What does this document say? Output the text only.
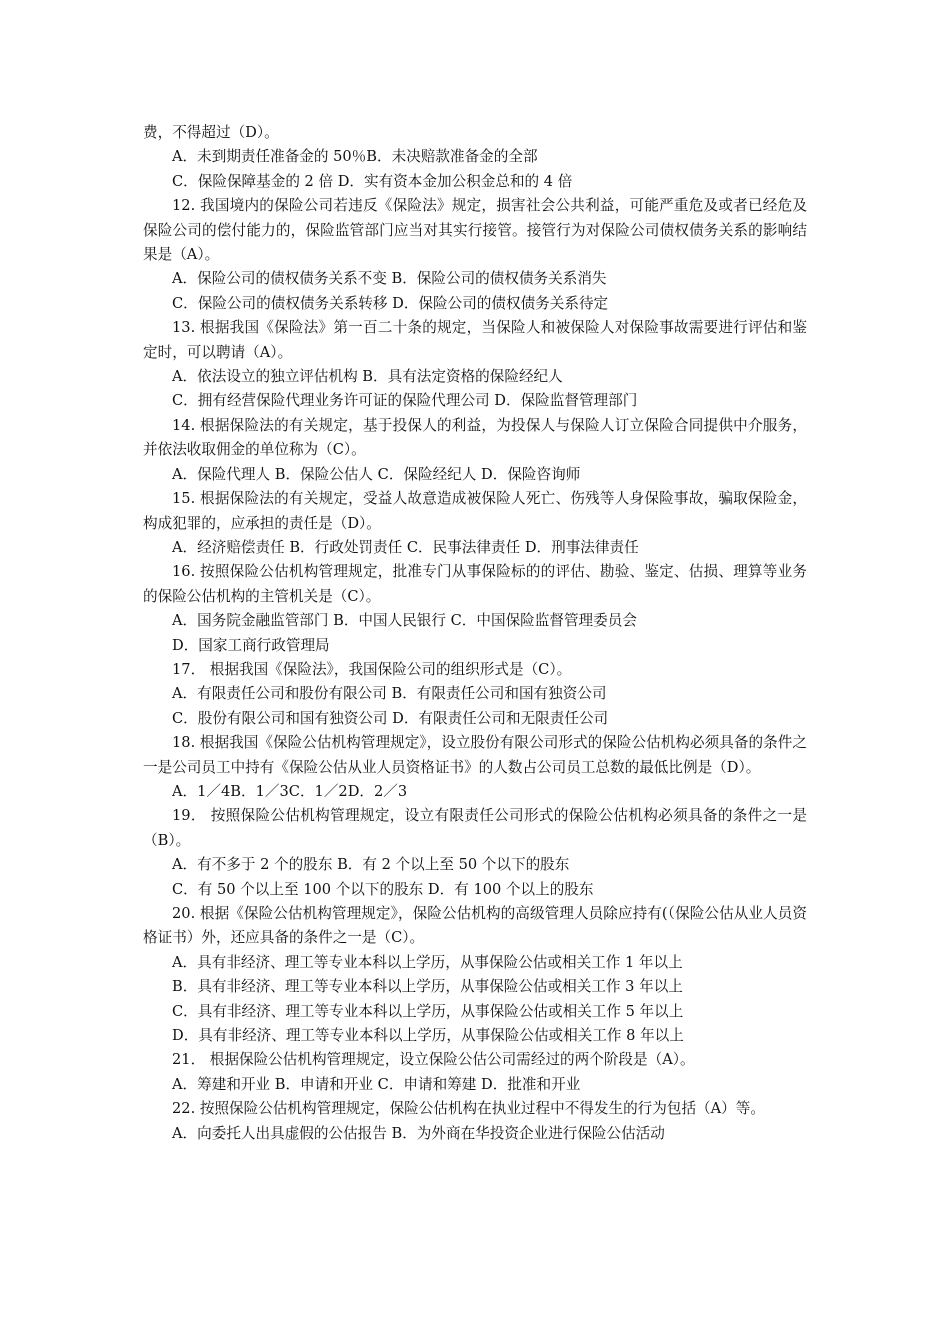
费，不得超过（D）。

A．未到期责任准备金的 50％B．未决赔款准备金的全部

C．保险保障基金的 2 倍 D．实有资本金加公积金总和的 4 倍

12. 我国境内的保险公司若违反《保险法》规定，损害社会公共利益，可能严重危及或者已经危及保险公司的偿付能力的，保险监管部门应当对其实行接管。接管行为对保险公司债权债务关系的影响结果是（A）。

A．保险公司的债权债务关系不变 B．保险公司的债权债务关系消失

C．保险公司的债权债务关系转移 D．保险公司的债权债务关系待定

13. 根据我国《保险法》第一百二十条的规定，当保险人和被保险人对保险事故需要进行评估和鉴定时，可以聘请（A）。

A．依法设立的独立评估机构 B．具有法定资格的保险经纪人

C．拥有经营保险代理业务许可证的保险代理公司 D．保险监督管理部门

14. 根据保险法的有关规定，基于投保人的利益，为投保人与保险人订立保险合同提供中介服务，并依法收取佣金的单位称为（C）。

A．保险代理人 B．保险公估人 C．保险经纪人 D．保险咨询师

15. 根据保险法的有关规定，受益人故意造成被保险人死亡、伤残等人身保险事故，骗取保险金，构成犯罪的，应承担的责任是（D）。

A．经济赔偿责任 B．行政处罚责任 C．民事法律责任 D．刑事法律责任

16. 按照保险公估机构管理规定，批准专门从事保险标的的评估、勘验、鉴定、估损、理算等业务的保险公估机构的主管机关是（C）。

A．国务院金融监管部门 B．中国人民银行 C．中国保险监督管理委员会

D．国家工商行政管理局

17． 根据我国《保险法》，我国保险公司的组织形式是（C）。

A．有限责任公司和股份有限公司 B．有限责任公司和国有独资公司

C．股份有限公司和国有独资公司 D．有限责任公司和无限责任公司

18. 根据我国《保险公估机构管理规定》，设立股份有限公司形式的保险公估机构必须具备的条件之一是公司员工中持有《保险公估从业人员资格证书》的人数占公司员工总数的最低比例是（D）。

A．1／4B．1／3C．1／2D．2／3

19． 按照保险公估机构管理规定，设立有限责任公司形式的保险公估机构必须具备的条件之一是（B）。

A．有不多于 2 个的股东 B．有 2 个以上至 50 个以下的股东

C．有 50 个以上至 100 个以下的股东 D．有 100 个以上的股东

20. 根据《保险公估机构管理规定》，保险公估机构的高级管理人员除应持有(（保险公估从业人员资格证书）外，还应具备的条件之一是（C）。

A．具有非经济、理工等专业本科以上学历，从事保险公估或相关工作 1 年以上

B．具有非经济、理工等专业本科以上学历，从事保险公估或相关工作 3 年以上

C．具有非经济、理工等专业本科以上学历，从事保险公估或相关工作 5 年以上

D．具有非经济、理工等专业本科以上学历，从事保险公估或相关工作 8 年以上

21． 根据保险公估机构管理规定，设立保险公估公司需经过的两个阶段是（A）。

A．筹建和开业 B．申请和开业 C．申请和筹建 D．批准和开业

22. 按照保险公估机构管理规定，保险公估机构在执业过程中不得发生的行为包括（A）等。

A．向委托人出具虚假的公估报告 B．为外商在华投资企业进行保险公估活动
